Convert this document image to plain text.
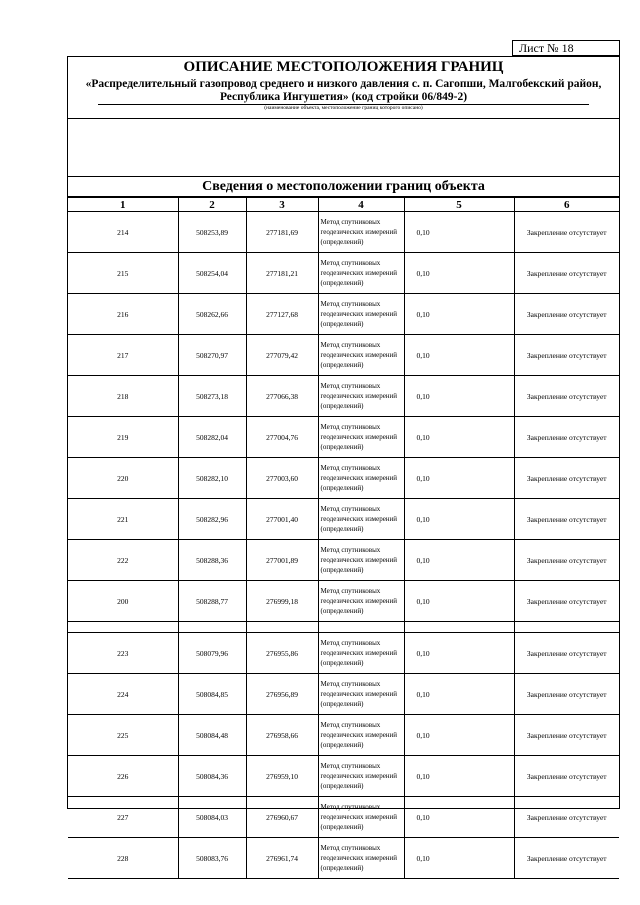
Лист № 18
ОПИСАНИЕ МЕСТОПОЛОЖЕНИЯ ГРАНИЦ
«Распределительный газопровод среднего и низкого давления с. п. Сагопши, Малгобекский район, Республика Ингушетия» (код стройки 06/849-2)
(наименование объекта, местоположение границ которого описано)
Сведения о местоположении границ объекта
1	2	3	4	5	6
214	508253,89	277181,69	Метод спутниковых геодезических измерений (определений)	0,10	Закрепление отсутствует
215	508254,04	277181,21	Метод спутниковых геодезических измерений (определений)	0,10	Закрепление отсутствует
216	508262,66	277127,68	Метод спутниковых геодезических измерений (определений)	0,10	Закрепление отсутствует
217	508270,97	277079,42	Метод спутниковых геодезических измерений (определений)	0,10	Закрепление отсутствует
218	508273,18	277066,38	Метод спутниковых геодезических измерений (определений)	0,10	Закрепление отсутствует
219	508282,04	277004,76	Метод спутниковых геодезических измерений (определений)	0,10	Закрепление отсутствует
220	508282,10	277003,60	Метод спутниковых геодезических измерений (определений)	0,10	Закрепление отсутствует
221	508282,96	277001,40	Метод спутниковых геодезических измерений (определений)	0,10	Закрепление отсутствует
222	508288,36	277001,89	Метод спутниковых геодезических измерений (определений)	0,10	Закрепление отсутствует
200	508288,77	276999,18	Метод спутниковых геодезических измерений (определений)	0,10	Закрепление отсутствует

223	508079,96	276955,86	Метод спутниковых геодезических измерений (определений)	0,10	Закрепление отсутствует
224	508084,85	276956,89	Метод спутниковых геодезических измерений (определений)	0,10	Закрепление отсутствует
225	508084,48	276958,66	Метод спутниковых геодезических измерений (определений)	0,10	Закрепление отсутствует
226	508084,36	276959,10	Метод спутниковых геодезических измерений (определений)	0,10	Закрепление отсутствует
227	508084,03	276960,67	Метод спутниковых геодезических измерений (определений)	0,10	Закрепление отсутствует
228	508083,76	276961,74	Метод спутниковых геодезических измерений (определений)	0,10	Закрепление отсутствует
